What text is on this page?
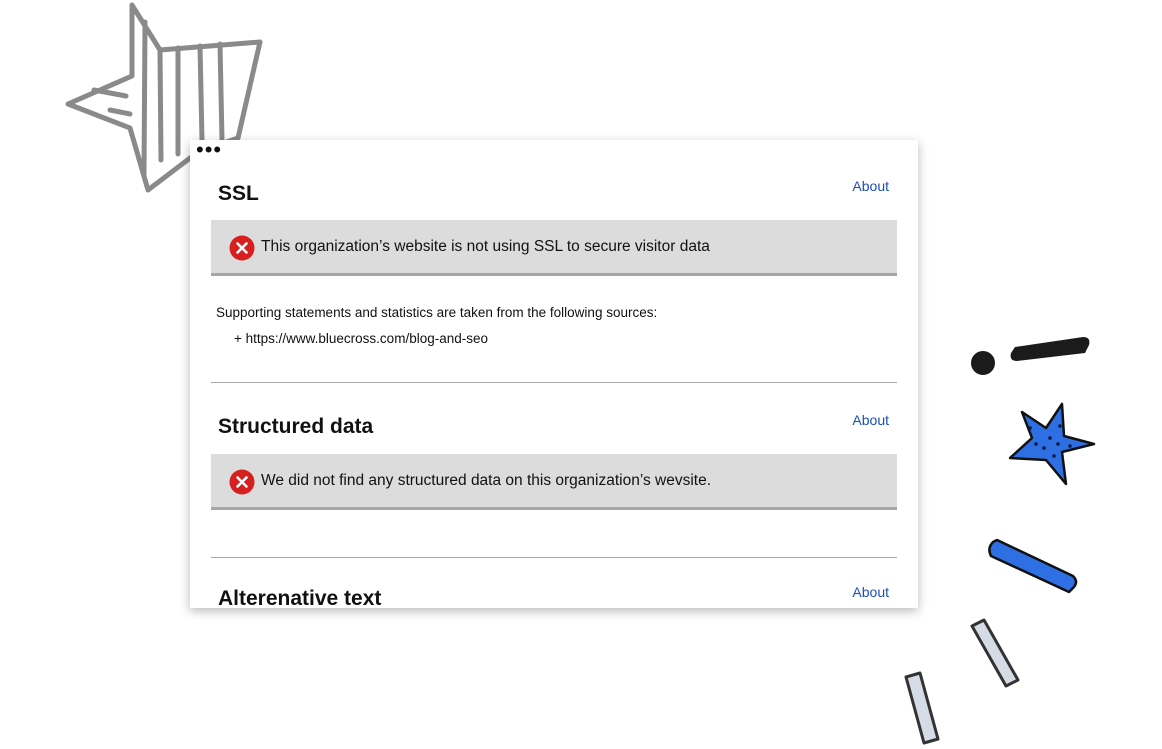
SSL	About
This organization’s website is not using SSL to secure visitor data
Supporting statements and statistics are taken from the following sources:
+ https://www.bluecross.com/blog-and-seo
Structured data	About
We did not find any structured data on this organization’s wevsite.
Alterenative text	About
•••
